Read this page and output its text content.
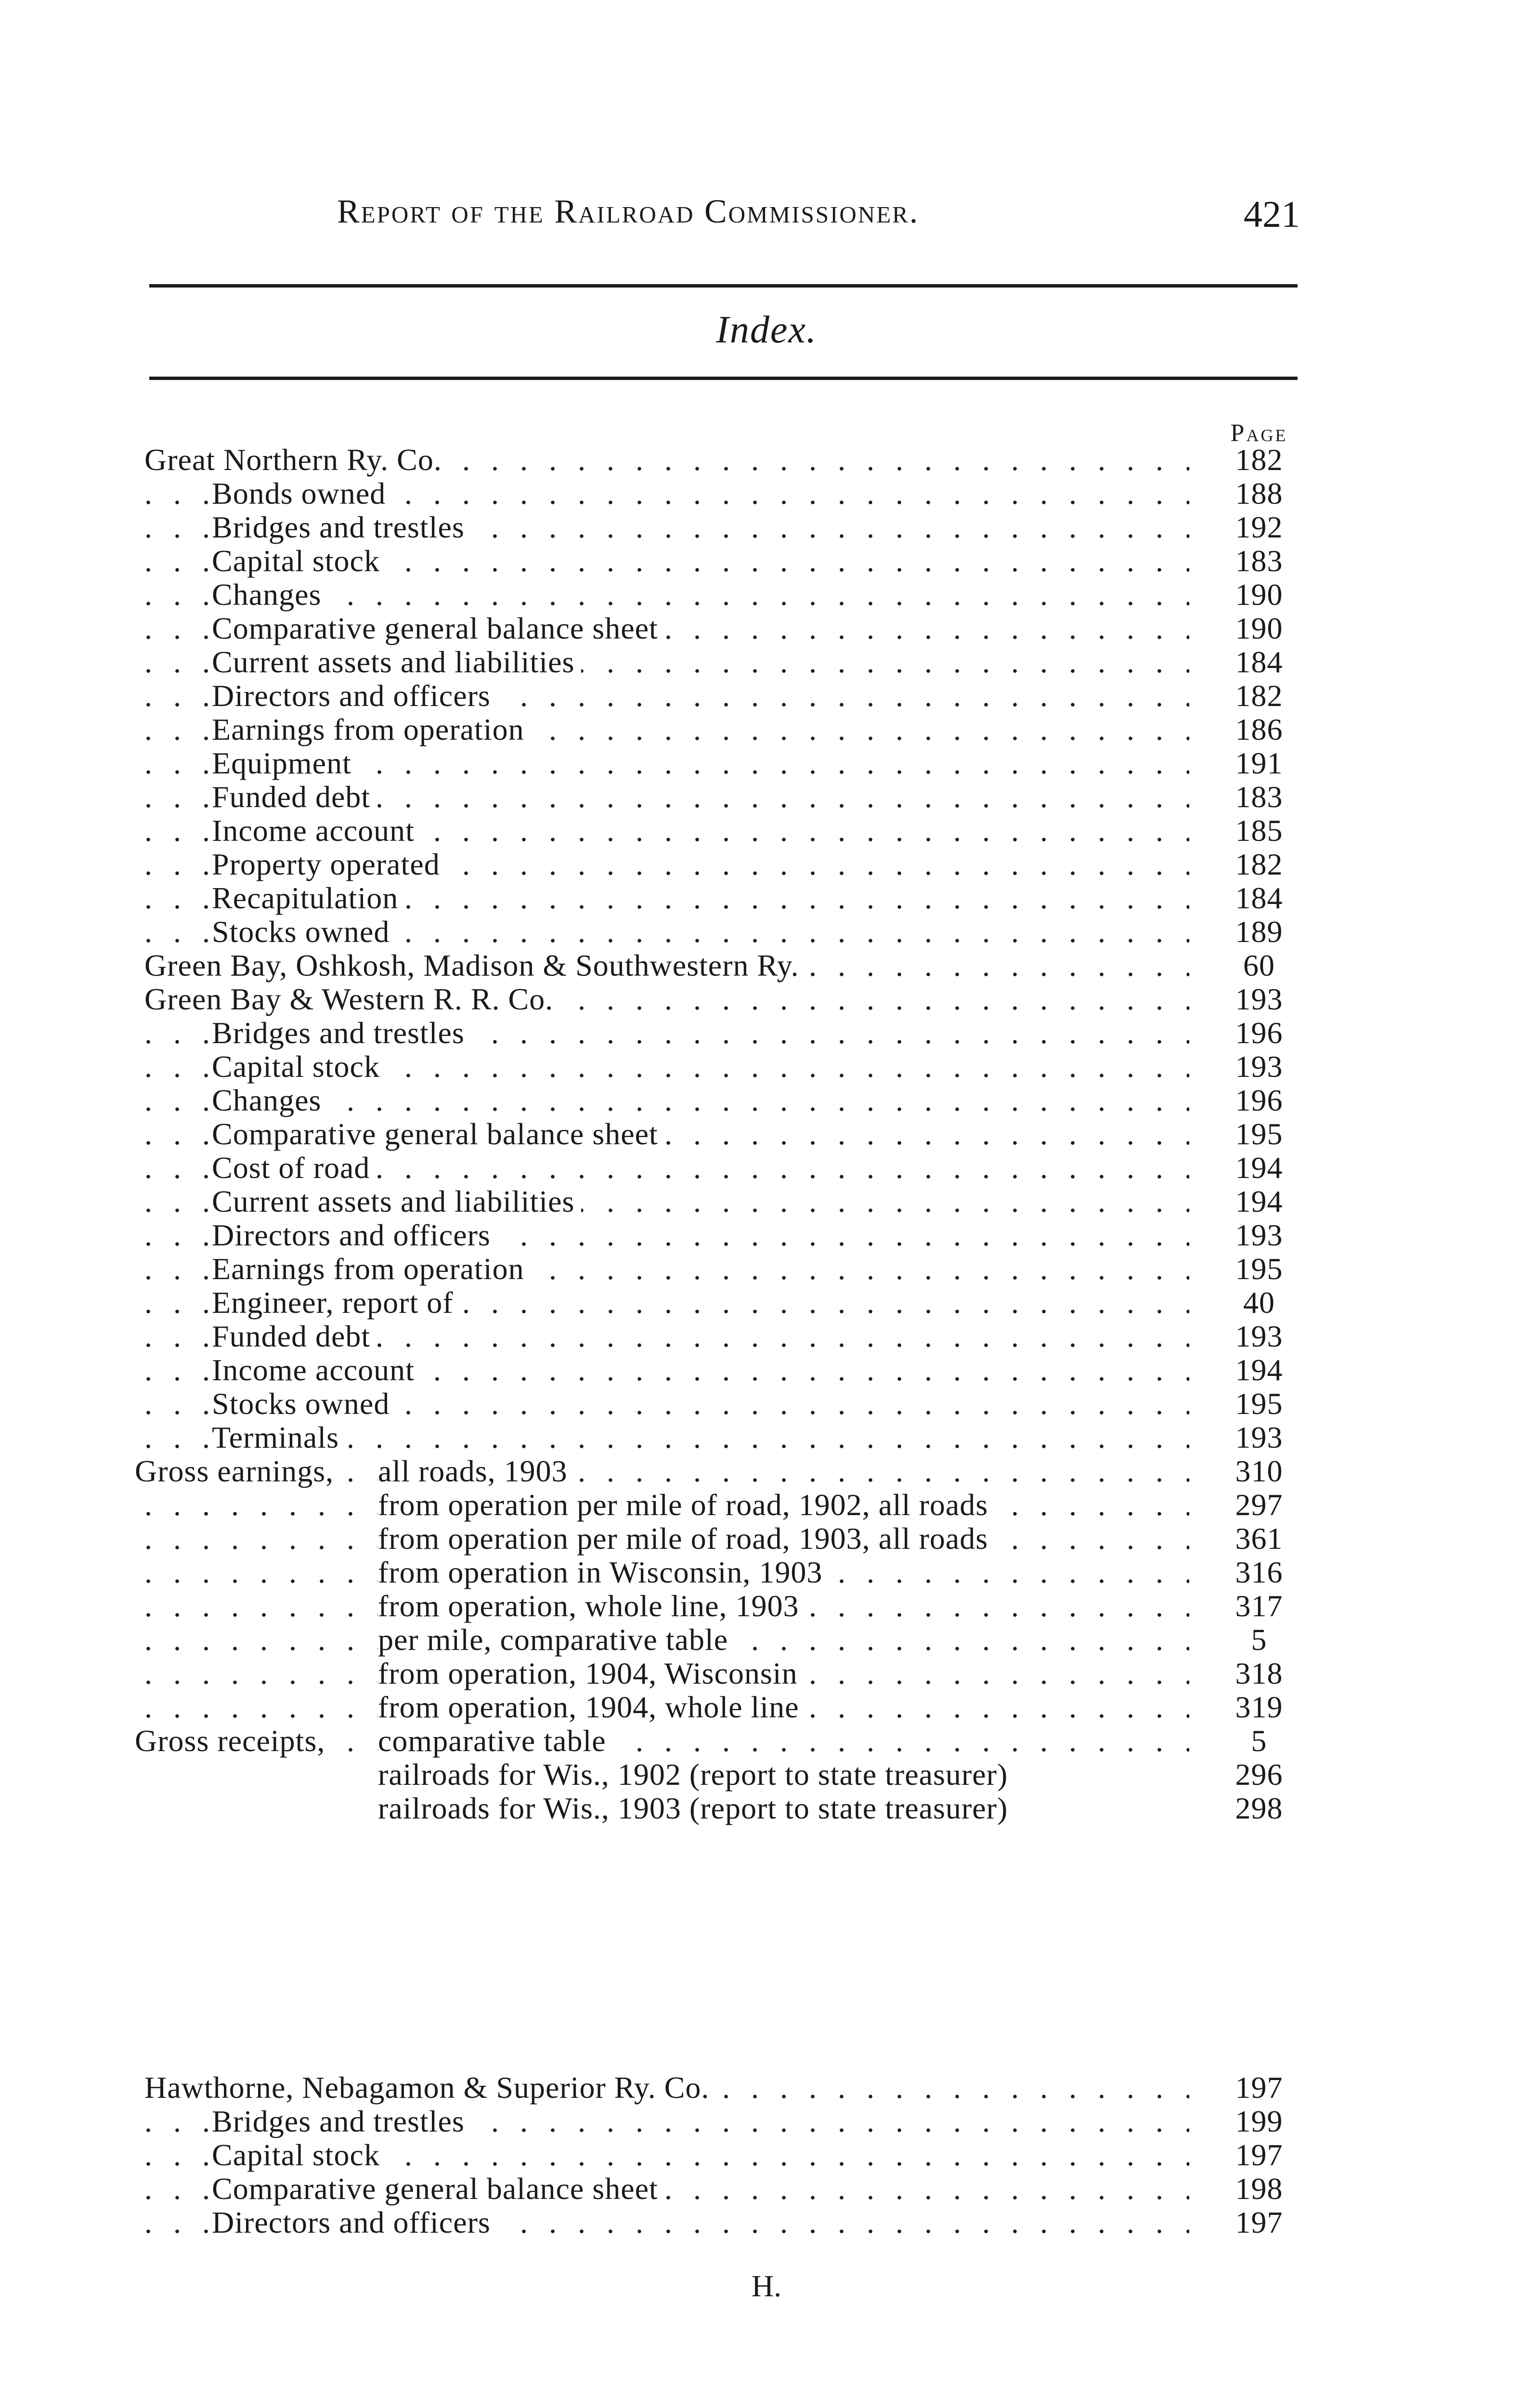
Report of the Railroad Commissioner.	421
Index.
Page
Great Northern Ry. Co. . . .	182
Bonds owned . . .	188
Bridges and trestles . . .	192
Capital stock . . .	183
Changes . . .	190
Comparative general balance sheet . . .	190
Current assets and liabilities . . .	184
Directors and officers . . .	182
Earnings from operation . . .	186
Equipment . . .	191
Funded debt . . .	183
Income account . . .	185
Property operated . . .	182
Recapitulation . . .	184
Stocks owned . . .	189
Green Bay, Oshkosh, Madison & Southwestern Ry. . . .	60
Green Bay & Western R. R. Co. . . .	193
Bridges and trestles . . .	196
Capital stock . . .	193
Changes . . .	196
Comparative general balance sheet . . .	195
Cost of road . . .	194
Current assets and liabilities . . .	194
Directors and officers . . .	193
Earnings from operation . . .	195
Engineer, report of . . .	40
Funded debt . . .	193
Income account . . .	194
Stocks owned . . .	195
Terminals . . .	193
Gross earnings, all roads, 1903 . . .	310
from operation per mile of road, 1902, all roads . . .	297
from operation per mile of road, 1903, all roads . . .	361
from operation in Wisconsin, 1903 . . .	316
from operation, whole line, 1903 . . .	317
per mile, comparative table . . .	5
from operation, 1904, Wisconsin . . .	318
from operation, 1904, whole line . . .	319
Gross receipts, comparative table . . .	5
railroads for Wis., 1902 (report to state treasurer)	296
railroads for Wis., 1903 (report to state treasurer)	298
H.
Hawthorne, Nebagamon & Superior Ry. Co. . . .	197
Bridges and trestles . . .	199
Capital stock . . .	197
Comparative general balance sheet . . .	198
Directors and officers . . .	197
